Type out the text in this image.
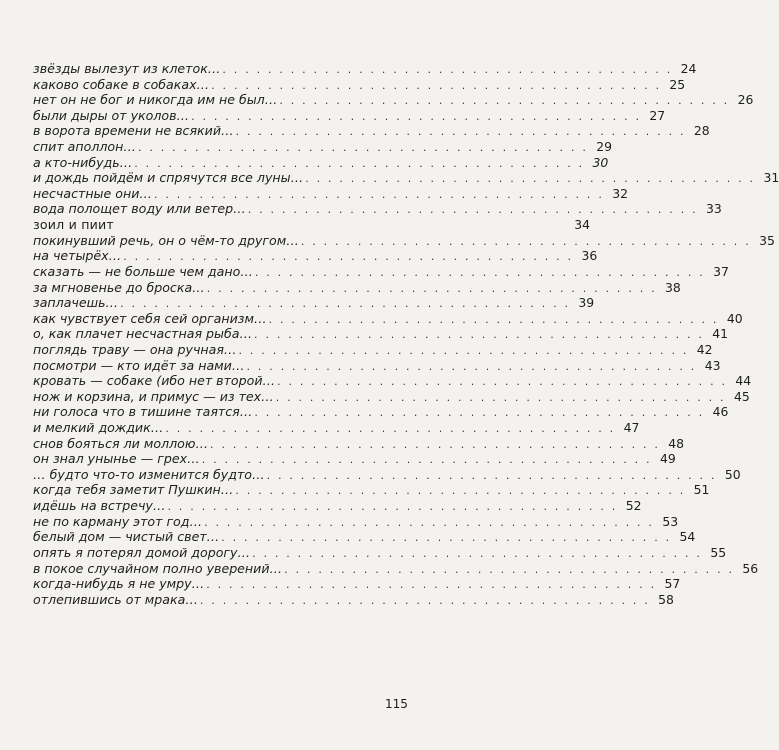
звёзды вылезут из клеток… . . . . . . . . . . . . . . . . . . . . . . . . . . . . . . . . . . . . . . . . 24
каково собаке в собаках… . . . . . . . . . . . . . . . . . . . . . . . . . . . . . . . . . . . . . . . . 25
нет он не бог и никогда им не был… . . . . . . . . . . . . . . . . . . . . . . . . . . . . . . . . . . . . . . . . 26
были дыры от уколов… . . . . . . . . . . . . . . . . . . . . . . . . . . . . . . . . . . . . . . . . 27
в ворота времени не всякий… . . . . . . . . . . . . . . . . . . . . . . . . . . . . . . . . . . . . . . . . 28
спит аполлон… . . . . . . . . . . . . . . . . . . . . . . . . . . . . . . . . . . . . . . . . 29
а кто-нибудь… . . . . . . . . . . . . . . . . . . . . . . . . . . . . . . . . . . . . . . . . 30
и дождь пойдём и спрячутся все луны… . . . . . . . . . . . . . . . . . . . . . . . . . . . . . . . . . . . . . . . . 31
несчастные они… . . . . . . . . . . . . . . . . . . . . . . . . . . . . . . . . . . . . . . . . 32
вода полощет воду или ветер… . . . . . . . . . . . . . . . . . . . . . . . . . . . . . . . . . . . . . . . . 33
зоил и пиит	34
покинувший речь, он о чём-то другом… . . . . . . . . . . . . . . . . . . . . . . . . . . . . . . . . . . . . . . . . 35
на четырёх… . . . . . . . . . . . . . . . . . . . . . . . . . . . . . . . . . . . . . . . . 36
сказать — не больше чем дано… . . . . . . . . . . . . . . . . . . . . . . . . . . . . . . . . . . . . . . . . 37
за мгновенье до броска… . . . . . . . . . . . . . . . . . . . . . . . . . . . . . . . . . . . . . . . . 38
заплачешь… . . . . . . . . . . . . . . . . . . . . . . . . . . . . . . . . . . . . . . . . 39
как чувствует себя сей организм… . . . . . . . . . . . . . . . . . . . . . . . . . . . . . . . . . . . . . . . . 40
о, как плачет несчастная рыба… . . . . . . . . . . . . . . . . . . . . . . . . . . . . . . . . . . . . . . . . 41
поглядь траву — она ручная… . . . . . . . . . . . . . . . . . . . . . . . . . . . . . . . . . . . . . . . . 42
посмотри — кто идёт за нами… . . . . . . . . . . . . . . . . . . . . . . . . . . . . . . . . . . . . . . . . 43
кровать — собаке (ибо нет второй… . . . . . . . . . . . . . . . . . . . . . . . . . . . . . . . . . . . . . . . . 44
нож и корзина, и примус — из тех… . . . . . . . . . . . . . . . . . . . . . . . . . . . . . . . . . . . . . . . . 45
ни голоса что в тишине таятся… . . . . . . . . . . . . . . . . . . . . . . . . . . . . . . . . . . . . . . . . 46
и мелкий дождик… . . . . . . . . . . . . . . . . . . . . . . . . . . . . . . . . . . . . . . . . 47
снов бояться ли моллою… . . . . . . . . . . . . . . . . . . . . . . . . . . . . . . . . . . . . . . . . 48
он знал унынье — грех… . . . . . . . . . . . . . . . . . . . . . . . . . . . . . . . . . . . . . . . . 49
… будто что-то изменится будто… . . . . . . . . . . . . . . . . . . . . . . . . . . . . . . . . . . . . . . . . 50
когда тебя заметит Пушкин… . . . . . . . . . . . . . . . . . . . . . . . . . . . . . . . . . . . . . . . . 51
идёшь на встречу… . . . . . . . . . . . . . . . . . . . . . . . . . . . . . . . . . . . . . . . . 52
не по карману этот год… . . . . . . . . . . . . . . . . . . . . . . . . . . . . . . . . . . . . . . . . 53
белый дом — чистый свет… . . . . . . . . . . . . . . . . . . . . . . . . . . . . . . . . . . . . . . . . 54
опять я потерял домой дорогу… . . . . . . . . . . . . . . . . . . . . . . . . . . . . . . . . . . . . . . . . 55
в покое случайном полно уверений… . . . . . . . . . . . . . . . . . . . . . . . . . . . . . . . . . . . . . . . . 56
когда-нибудь я не умру… . . . . . . . . . . . . . . . . . . . . . . . . . . . . . . . . . . . . . . . . 57
отлепившись от мрака… . . . . . . . . . . . . . . . . . . . . . . . . . . . . . . . . . . . . . . . . 58
115
